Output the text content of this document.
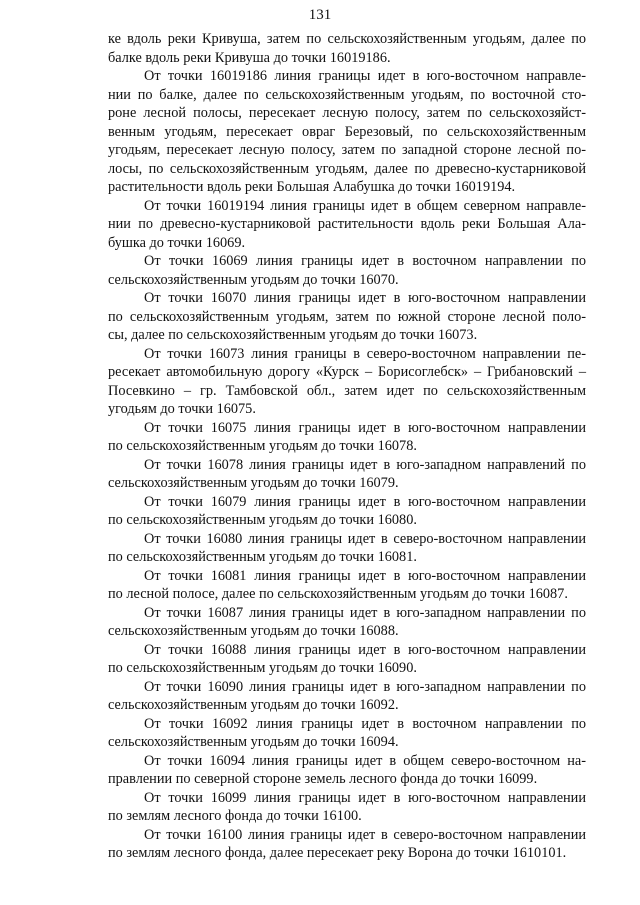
131
ке вдоль реки Кривуша, затем по сельскохозяйственным угодьям, далее по
балке вдоль реки Кривуша до точки 16019186.
От точки 16019186 линия границы идет в юго-восточном направле-
нии по балке, далее по сельскохозяйственным угодьям, по восточной сто-
роне лесной полосы, пересекает лесную полосу, затем по сельскохозяйст-
венным угодьям, пересекает овраг Березовый, по сельскохозяйственным
угодьям, пересекает лесную полосу, затем по западной стороне лесной по-
лосы, по сельскохозяйственным угодьям, далее по древесно-кустарниковой
растительности вдоль реки Большая Алабушка до точки 16019194.
От точки 16019194 линия границы идет в общем северном направле-
нии по древесно-кустарниковой растительности вдоль реки Большая Ала-
бушка до точки 16069.
От точки 16069 линия границы идет в восточном направлении по
сельскохозяйственным угодьям до точки 16070.
От точки 16070 линия границы идет в юго-восточном направлении
по сельскохозяйственным угодьям, затем по южной стороне лесной поло-
сы, далее по сельскохозяйственным угодьям до точки 16073.
От точки 16073 линия границы в северо-восточном направлении пе-
ресекает автомобильную дорогу «Курск – Борисоглебск» – Грибановский –
Посевкино – гр. Тамбовской обл., затем идет по сельскохозяйственным
угодьям до точки 16075.
От точки 16075 линия границы идет в юго-восточном направлении
по сельскохозяйственным угодьям до точки 16078.
От точки 16078 линия границы идет в юго-западном направлений по
сельскохозяйственным угодьям до точки 16079.
От точки 16079 линия границы идет в юго-восточном направлении
по сельскохозяйственным угодьям до точки 16080.
От точки 16080 линия границы идет в северо-восточном направлении
по сельскохозяйственным угодьям до точки 16081.
От точки 16081 линия границы идет в юго-восточном направлении
по лесной полосе, далее по сельскохозяйственным угодьям до точки 16087.
От точки 16087 линия границы идет в юго-западном направлении по
сельскохозяйственным угодьям до точки 16088.
От точки 16088 линия границы идет в юго-восточном направлении
по сельскохозяйственным угодьям до точки 16090.
От точки 16090 линия границы идет в юго-западном направлении по
сельскохозяйственным угодьям до точки 16092.
От точки 16092 линия границы идет в восточном направлении по
сельскохозяйственным угодьям до точки 16094.
От точки 16094 линия границы идет в общем северо-восточном на-
правлении по северной стороне земель лесного фонда до точки 16099.
От точки 16099 линия границы идет в юго-восточном направлении
по землям лесного фонда до точки 16100.
От точки 16100 линия границы идет в северо-восточном направлении
по землям лесного фонда, далее пересекает реку Ворона до точки 1610101.
